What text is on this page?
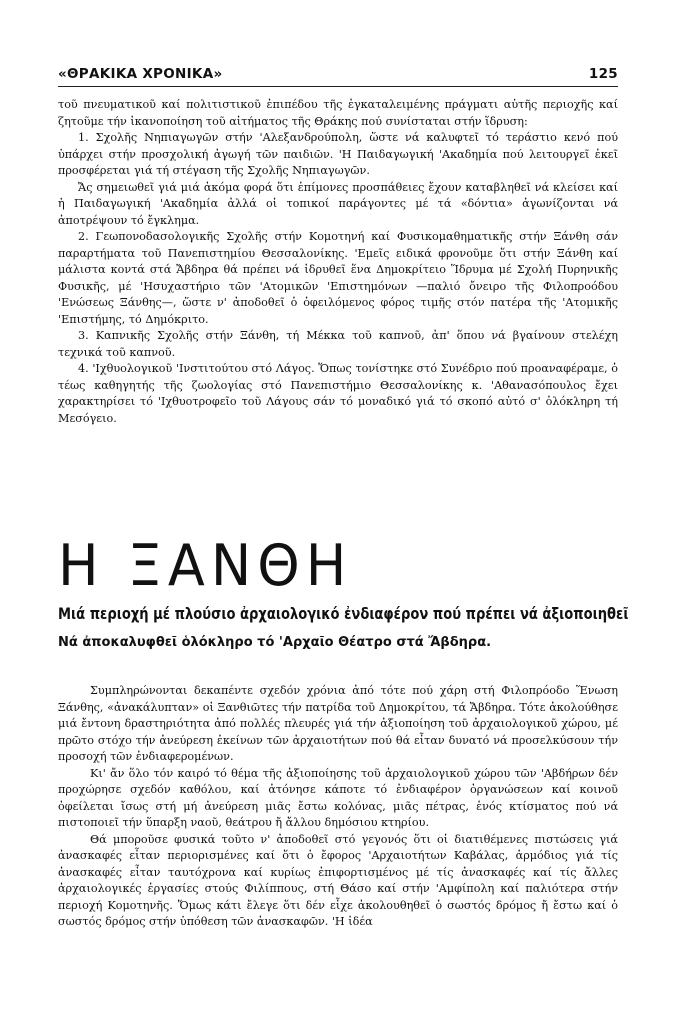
«ΘΡΑΚΙΚΑ ΧΡΟΝΙΚΑ»	125

τοῦ πνευματικοῦ καί πολιτιστικοῦ ἐπιπέδου τῆς ἐγκαταλειμένης πράγματι αὐτῆς περιοχῆς καί ζητοῦμε τήν ἱκανοποίηση τοῦ αἰτήματος τῆς Θράκης πού συνίσταται στήν ἵδρυση:

1. Σχολῆς Νηπιαγωγῶν στήν 'Αλεξανδρούπολη, ὥστε νά καλυφτεῖ τό τεράστιο κενό πού ὑπάρχει στήν προσχολική ἀγωγή τῶν παιδιῶν. 'Η Παιδαγωγική 'Ακαδημία πού λειτουργεῖ ἐκεῖ προσφέρεται γιά τή στέγαση τῆς Σχολῆς Νηπιαγωγῶν.

Ἄς σημειωθεῖ γιά μιά ἀκόμα φορά ὅτι ἐπίμονες προσπάθειες ἔχουν καταβληθεῖ νά κλείσει καί ἡ Παιδαγωγική 'Ακαδημία ἀλλά οἱ τοπικοί παράγοντες μέ τά «δόντια» ἀγωνίζονται νά ἀποτρέψουν τό ἔγκλημα.

2. Γεωπονοδασολογικῆς Σχολῆς στήν Κομοτηνή καί Φυσικομαθηματικῆς στήν Ξάνθη σάν παραρτήματα τοῦ Πανεπιστημίου Θεσσαλονίκης. 'Εμεῖς ειδικά φρονοῦμε ὅτι στήν Ξάνθη καί μάλιστα κοντά στά Ἄβδηρα θά πρέπει νά ἱδρυθεῖ ἕνα Δημοκρίτειο Ἵδρυμα μέ Σχολή Πυρηνικῆς Φυσικῆς, μέ 'Ησυχαστήριο τῶν 'Ατομικῶν 'Επιστημόνων —παλιό ὄνειρο τῆς Φιλοπροόδου 'Ενώσεως Ξάνθης—, ὥστε ν' ἀποδοθεῖ ὁ ὀφειλόμενος φόρος τιμῆς στόν πατέρα τῆς 'Ατομικῆς 'Επιστήμης, τό Δημόκριτο.

3. Καπνικῆς Σχολῆς στήν Ξάνθη, τή Μέκκα τοῦ καπνοῦ, ἀπ' ὅπου νά βγαίνουν στελέχη τεχνικά τοῦ καπνοῦ.

4. 'Ιχθυολογικοῦ 'Ινστιτούτου στό Λάγος. Ὅπως τονίστηκε στό Συνέδριο πού προαναφέραμε, ὁ τέως καθηγητής τῆς ζωολογίας στό Πανεπιστήμιο Θεσσαλονίκης κ. 'Αθανασόπουλος ἔχει χαρακτηρίσει τό 'Ιχθυοτροφεῖο τοῦ Λάγους σάν τό μοναδικό γιά τό σκοπό αὐτό σ' ὁλόκληρη τή Μεσόγειο.

Η ΞΑΝΘΗ
Μιά περιοχή μέ πλούσιο ἀρχαιολογικό ἐνδιαφέρον πού πρέπει νά ἀξιοποιηθεῖ
Νά ἀποκαλυφθεῖ ὁλόκληρο τό 'Αρχαῖο Θέατρο στά Ἄβδηρα.

Συμπληρώνονται δεκαπέντε σχεδόν χρόνια ἀπό τότε πού χάρη στή Φιλοπρόοδο Ἕνωση Ξάνθης, «ἀνακάλυπταν» οἱ Ξανθιῶτες τήν πατρίδα τοῦ Δημοκρίτου, τά Ἄβδηρα. Τότε ἀκολούθησε μιά ἔντονη δραστηριότητα ἀπό πολλές πλευρές γιά τήν ἀξιοποίηση τοῦ ἀρχαιολογικοῦ χώρου, μέ πρῶτο στόχο τήν ἀνεύρεση ἐκείνων τῶν ἀρχαιοτήτων πού θά εἶταν δυνατό νά προσελκύσουν τήν προσοχή τῶν ἐνδιαφερομένων.

Κι' ἄν ὅλο τόν καιρό τό θέμα τῆς ἀξιοποίησης τοῦ ἀρχαιολογικοῦ χώρου τῶν 'Αβδήρων δέν προχώρησε σχεδόν καθόλου, καί ἀτόνησε κάποτε τό ἐνδιαφέρον ὀργανώσεων καί κοινοῦ ὀφείλεται ἴσως στή μή ἀνεύρεση μιᾶς ἔστω κολόνας, μιᾶς πέτρας, ἑνός κτίσματος πού νά πιστοποιεῖ τήν ὕπαρξη ναοῦ, θεάτρου ἤ ἄλλου δημόσιου κτηρίου.

Θά μποροῦσε φυσικά τοῦτο ν' ἀποδοθεῖ στό γεγονός ὅτι οἱ διατιθέμενες πιστώσεις γιά ἀνασκαφές εἶταν περιορισμένες καί ὅτι ὁ ἔφορος 'Αρχαιοτήτων Καβάλας, ἁρμόδιος γιά τίς ἀνασκαφές εἶταν ταυτόχρονα καί κυρίως ἐπιφορτισμένος μέ τίς ἀνασκαφές καί τίς ἄλλες ἀρχαιολογικές ἐργασίες στούς Φιλίππους, στή Θάσο καί στήν 'Αμφίπολη καί παλιότερα στήν περιοχή Κομοτηνῆς. Ὅμως κάτι ἔλεγε ὅτι δέν εἶχε ἀκολουθηθεῖ ὁ σωστός δρόμος ἤ ἔστω καί ὁ σωστός δρόμος στήν ὑπόθεση τῶν ἀνασκαφῶν. 'Η ἰδέα
